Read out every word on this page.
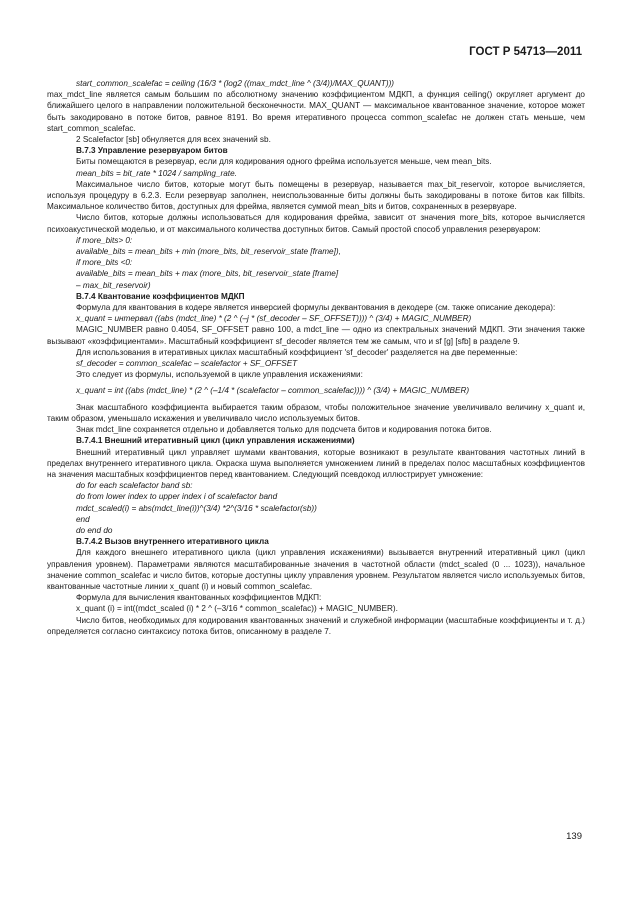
ГОСТ Р 54713—2011

start_common_scalefac = ceiling (16/3 * (log2 ((max_mdct_line ^ (3/4))/MAX_QUANT)))

max_mdct_line является самым большим по абсолютному значению коэффициентом МДКП, а функция ceiling() округляет аргумент до ближайшего целого в направлении положительной бесконечности. MAX_QUANT — максимальное квантованное значение, которое может быть закодировано в потоке битов, равное 8191. Во время итеративного процесса common_scalefac не должен стать меньше, чем start_common_scalefac.

2 Scalefactor [sb] обнуляется для всех значений sb.

B.7.3 Управление резервуаром битов

Биты помещаются в резервуар, если для кодирования одного фрейма используется меньше, чем mean_bits.

mean_bits = bit_rate * 1024 / sampling_rate.

Максимальное число битов, которые могут быть помещены в резервуар, называется max_bit_reservoir, которое вычисляется, используя процедуру в 6.2.3. Если резервуар заполнен, неиспользованные биты должны быть закодированы в потоке битов как fillbits. Максимальное количество битов, доступных для фрейма, является суммой mean_bits и битов, сохраненных в резервуаре.

Число битов, которые должны использоваться для кодирования фрейма, зависит от значения more_bits, которое вычисляется психоакустической моделью, и от максимального количества доступных битов. Самый простой способ управления резервуаром:

if more_bits> 0:

available_bits = mean_bits + min (more_bits, bit_reservoir_state [frame]),

if more_bits <0:

available_bits = mean_bits + max (more_bits, bit_reservoir_state [frame]

– max_bit_reservoir)

B.7.4 Квантование коэффициентов МДКП

Формула для квантования в кодере является инверсией формулы деквантования в декодере (см. также описание декодера):

x_quant = интервал ((abs (mdct_line) * (2 ^ (–j * (sf_decoder – SF_OFFSET)))) ^ (3/4) + MAGIC_NUMBER)

MAGIC_NUMBER равно 0.4054, SF_OFFSET равно 100, а mdct_line — одно из спектральных значений МДКП. Эти значения также вызывают «коэффициентами». Масштабный коэффициент sf_decoder является тем же самым, что и sf [g] [sfb] в разделе 9.

Для использования в итеративных циклах масштабный коэффициент 'sf_decoder' разделяется на две переменные:

sf_decoder = common_scalefac – scalefactor + SF_OFFSET

Это следует из формулы, используемой в цикле управления искажениями:

x_quant = int ((abs (mdct_line) * (2 ^ (–1/4 * (scalefactor – common_scalefac)))) ^ (3/4) + MAGIC_NUMBER)

Знак масштабного коэффициента выбирается таким образом, чтобы положительное значение увеличивало величину x_quant и, таким образом, уменьшало искажения и увеличивало число используемых битов.

Знак mdct_line сохраняется отдельно и добавляется только для подсчета битов и кодирования потока битов.

B.7.4.1 Внешний итеративный цикл (цикл управления искажениями)

Внешний итеративный цикл управляет шумами квантования, которые возникают в результате квантования частотных линий в пределах внутреннего итеративного цикла. Окраска шума выполняется умножением линий в пределах полос масштабных коэффициентов на значения масштабных коэффициентов перед квантованием. Следующий псевдокод иллюстрирует умножение:

do for each scalefactor band sb:

do from lower index to upper index i of scalefactor band

mdct_scaled(i) = abs(mdct_line(i))^(3/4) *2^(3/16 * scalefactor(sb))

end

do end do

B.7.4.2 Вызов внутреннего итеративного цикла

Для каждого внешнего итеративного цикла (цикл управления искажениями) вызывается внутренний итеративный цикл (цикл управления уровнем). Параметрами являются масштабированные значения в частотной области (mdct_scaled (0 ... 1023)), начальное значение common_scalefac и число битов, которые доступны циклу управления уровнем. Результатом является число используемых битов, квантованные частотные линии x_quant (i) и новый common_scalefac.

Формула для вычисления квантованных коэффициентов МДКП:

x_quant (i) = int((mdct_scaled (i) * 2 ^ (–3/16 * common_scalefac)) + MAGIC_NUMBER).

Число битов, необходимых для кодирования квантованных значений и служебной информации (масштабные коэффициенты и т. д.) определяется согласно синтаксису потока битов, описанному в разделе 7.

139
